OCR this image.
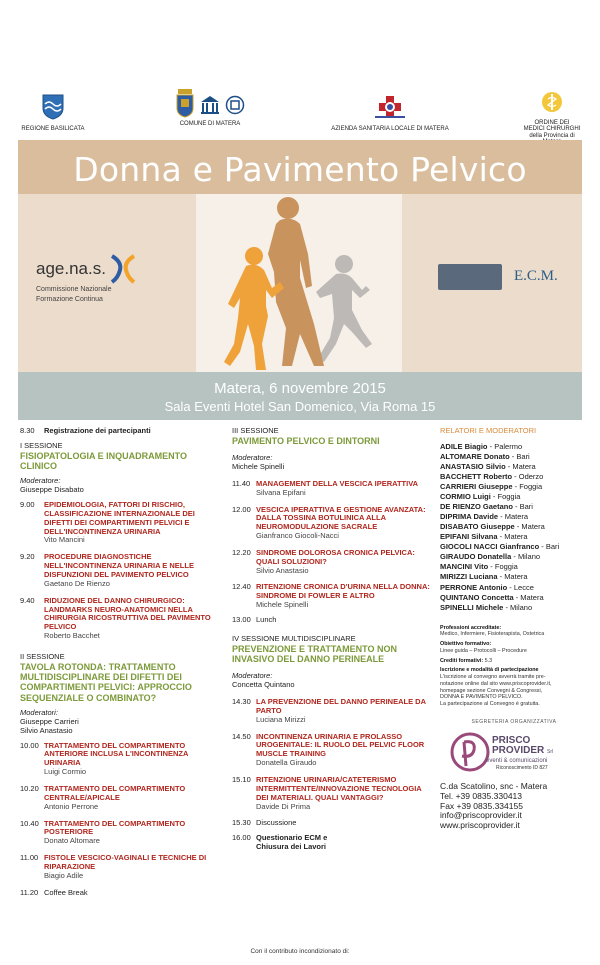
REGIONE BASILICATA
COMUNE DI MATERA
AZIENDA SANITARIA LOCALE DI MATERA
ORDINE DEI
MEDICI CHIRURGHI
della Provincia di
Donna e Pavimento Pelvico
age.na.s.
Commissione Nazionale
Formazione Continua
E.C.M.
Matera, 6 novembre 2015
Sala Eventi Hotel San Domenico, Via Roma 15
8.30 Registrazione dei partecipanti
I SESSIONE
FISIOPATOLOGIA E INQUADRAMENTO CLINICO
Moderatore:
Giuseppe Disabato
9.00 EPIDEMIOLOGIA, FATTORI DI RISCHIO, CLASSIFICAZIONE INTERNAZIONALE DEI DIFETTI DEI COMPARTIMENTI PELVICI E DELL'INCONTINENZA URINARIA
Vito Mancini
9.20 PROCEDURE DIAGNOSTICHE NELL'INCONTINENZA URINARIA E NELLE DISFUNZIONI DEL PAVIMENTO PELVICO
Gaetano De Rienzo
9.40 RIDUZIONE DEL DANNO CHIRURGICO: LANDMARKS NEURO-ANATOMICI NELLA CHIRURGIA RICOSTRUTTIVA DEL PAVIMENTO PELVICO
Roberto Bacchet
II SESSIONE
TAVOLA ROTONDA: TRATTAMENTO MULTIDISCIPLINARE DEI DIFETTI DEI COMPARTIMENTI PELVICI: APPROCCIO SEQUENZIALE O COMBINATO?
Moderatori:
Giuseppe Carrieri
Silvio Anastasio
10.00 TRATTAMENTO DEL COMPARTIMENTO ANTERIORE INCLUSA L'INCONTINENZA URINARIA
Luigi Cormio
10.20 TRATTAMENTO DEL COMPARTIMENTO CENTRALE/APICALE
Antonio Perrone
10.40 TRATTAMENTO DEL COMPARTIMENTO POSTERIORE
Donato Altomare
11.00 FISTOLE VESCICO-VAGINALI E TECNICHE DI RIPARAZIONE
Biagio Adile
11.20 Coffee Break
III SESSIONE
PAVIMENTO PELVICO E DINTORNI
Moderatore:
Michele Spinelli
11.40 MANAGEMENT DELLA VESCICA IPERATTIVA
Silvana Epifani
12.00 VESCICA IPERATTIVA E GESTIONE AVANZATA: DALLA TOSSINA BOTULINICA ALLA NEUROMODULAZIONE SACRALE
Gianfranco Giocoli-Nacci
12.20 SINDROME DOLOROSA CRONICA PELVICA: QUALI SOLUZIONI?
Silvio Anastasio
12.40 RITENZIONE CRONICA D'URINA NELLA DONNA: SINDROME DI FOWLER E ALTRO
Michele Spinelli
13.00 Lunch
IV SESSIONE MULTIDISCIPLINARE
PREVENZIONE E TRATTAMENTO NON INVASIVO DEL DANNO PERINEALE
Moderatore:
Concetta Quintano
14.30 LA PREVENZIONE DEL DANNO PERINEALE DA PARTO
Luciana Mirizzi
14.50 INCONTINENZA URINARIA E PROLASSO UROGENITALE: IL RUOLO DEL PELVIC FLOOR MUSCLE TRAINING
Donatella Giraudo
15.10 RITENZIONE URINARIA/CATETERISMO INTERMITTENTE/INNOVAZIONE TECNOLOGIA DEI MATERIALI. QUALI VANTAGGI?
Davide Di Prima
15.30 Discussione
16.00 Questionario ECM e
Chiusura dei Lavori
RELATORI E MODERATORI
ADILE Biagio - Palermo
ALTOMARE Donato - Bari
ANASTASIO Silvio - Matera
BACCHETT Roberto - Oderzo
CARRIERI Giuseppe - Foggia
CORMIO Luigi - Foggia
DE RIENZO Gaetano - Bari
DIPRIMA Davide - Matera
DISABATO Giuseppe - Matera
EPIFANI Silvana - Matera
GIOCOLI NACCI Gianfranco - Bari
GIRAUDO Donatella - Milano
MANCINI Vito - Foggia
MIRIZZI Luciana - Matera
PERRONE Antonio - Lecce
QUINTANO Concetta - Matera
SPINELLI Michele - Milano
Professioni accreditate:
Medico, Infermiere, Fisioterapista, Ostetrica
Obiettivo formativo:
Linee guida – Protocolli – Procedure
Crediti formativi: 5.3
Iscrizione e modalità di partecipazione
L'iscrizione al convegno avverrà tramite pre-
notazione online dal sito www.priscoprovider.it,
homepage sezione Convegni & Congressi,
DONNA E PAVIMENTO PELVICO.
La partecipazione al Convegno è gratuita.
SEGRETERIA ORGANIZZATIVA
PRISCO
PROVIDER Srl
eventi & comunicazioni
Riconoscimento ID 827
C.da Scatolino, snc - Matera
Tel. +39 0835.330413
Fax +39 0835.334155
info@priscoprovider.it
www.priscoprovider.it
Con il contributo incondizionato di:
